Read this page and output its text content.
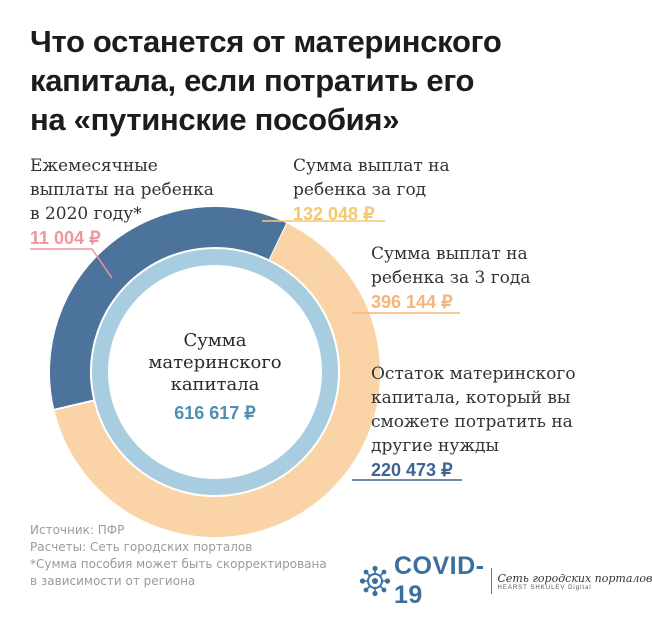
Что останется от материнского
капитала, если потратить его
на «путинские пособия»
Ежемесячные
выплаты на ребенка
в 2020 году*
11 004 ₽
Сумма выплат на
ребенка за год
132 048 ₽
Сумма выплат на
ребенка за 3 года
396 144 ₽
Остаток материнского
капитала, который вы
сможете потратить на
другие нужды
220 473 ₽
Сумма
материнского
капитала
616 617 ₽
Источник: ПФР
Расчеты: Сеть городских порталов
*Сумма пособия может быть скорректирована
в зависимости от региона
COVID-19
Сеть городских порталов
HEARST SHKULEV Digital
